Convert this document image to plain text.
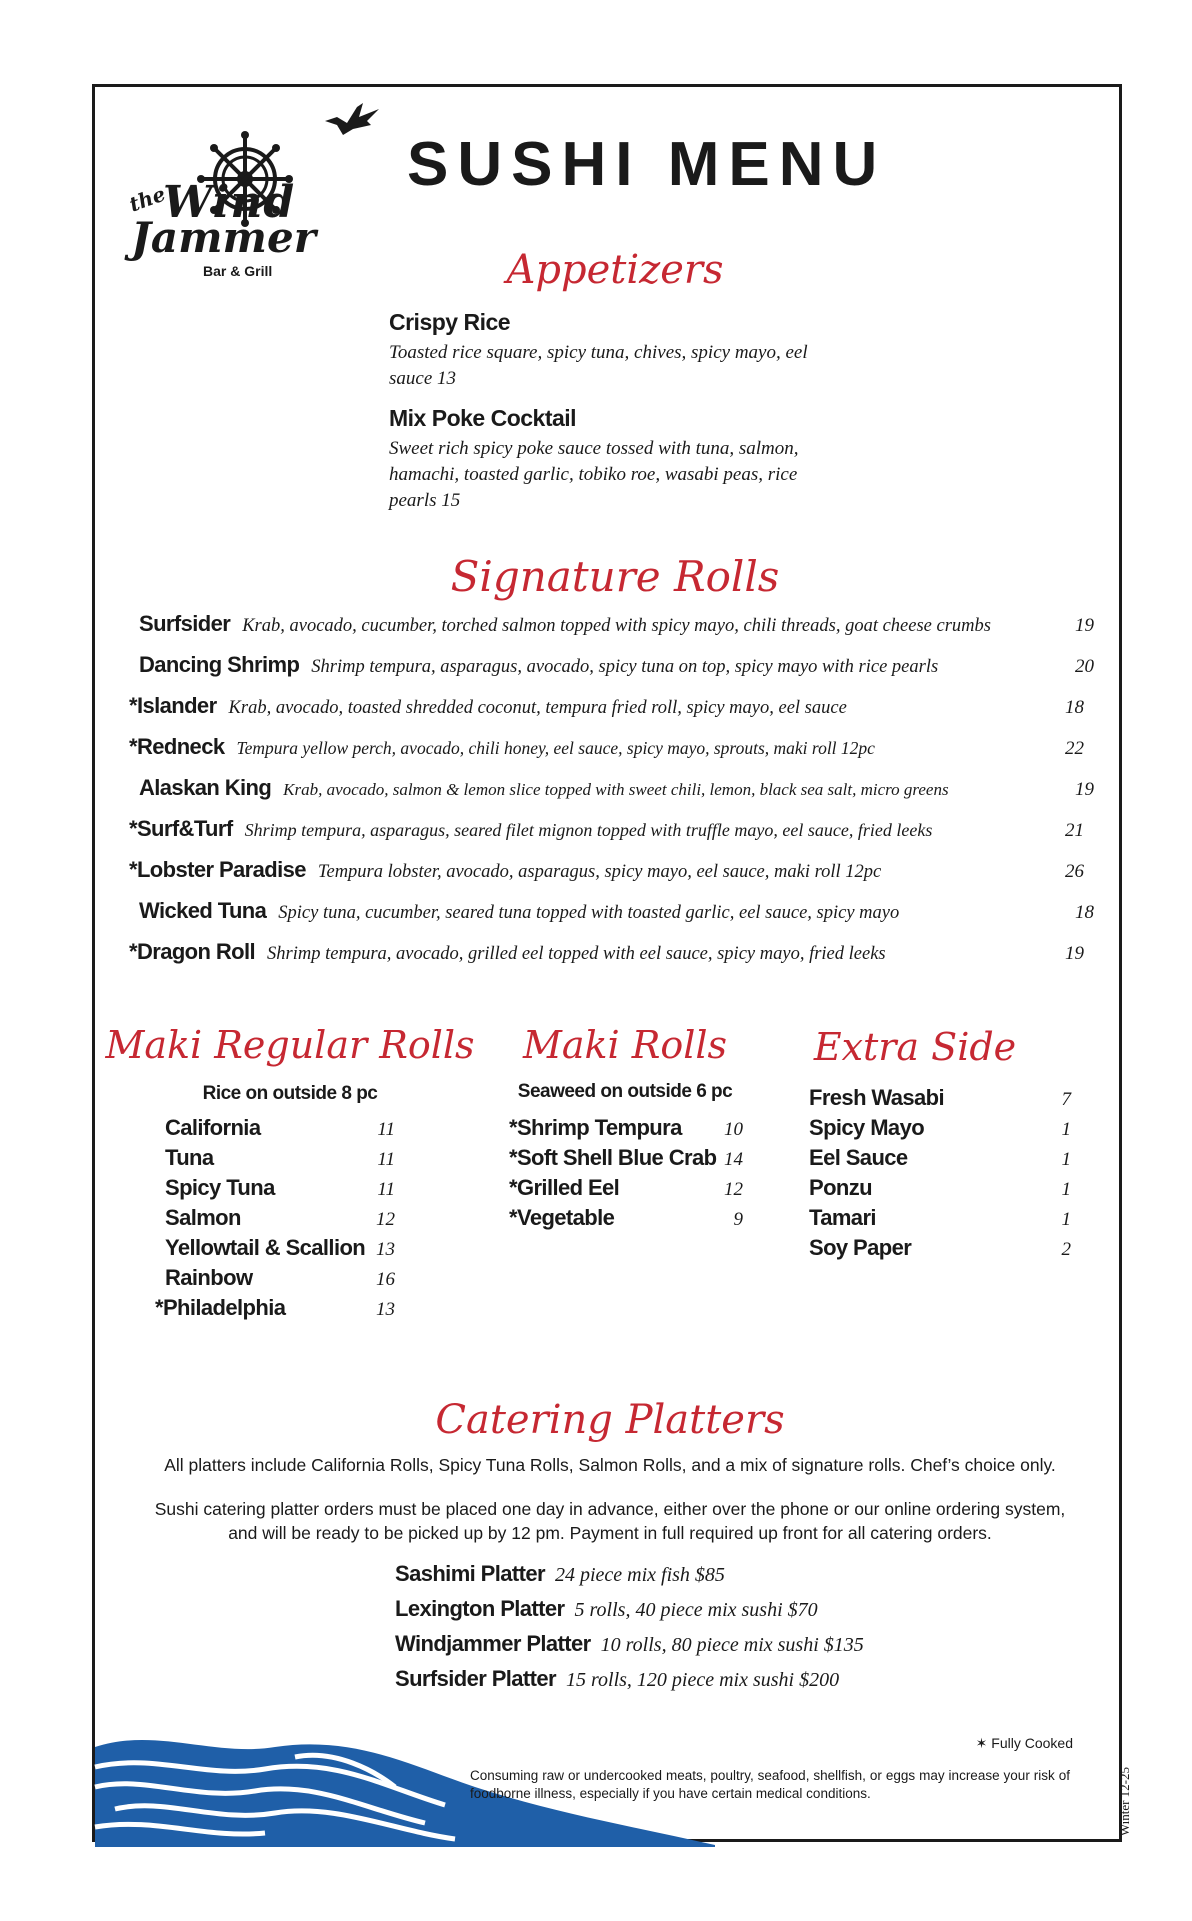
the
Wind
Jammer
Bar & Grill
SUSHI MENU
Appetizers
Crispy Rice
Toasted rice square, spicy tuna, chives, spicy mayo, eel sauce 13
Mix Poke Cocktail
Sweet rich spicy poke sauce tossed with tuna, salmon, hamachi, toasted garlic, tobiko roe, wasabi peas, rice pearls 15
Signature Rolls
Surfsider Krab, avocado, cucumber, torched salmon topped with spicy mayo, chili threads, goat cheese crumbs	19
Dancing Shrimp Shrimp tempura, asparagus, avocado, spicy tuna on top, spicy mayo with rice pearls	20
*Islander Krab, avocado, toasted shredded coconut, tempura fried roll, spicy mayo, eel sauce	18
*Redneck Tempura yellow perch, avocado, chili honey, eel sauce, spicy mayo, sprouts, maki roll 12pc	22
Alaskan King Krab, avocado, salmon & lemon slice topped with sweet chili, lemon, black sea salt, micro greens	19
*Surf&Turf Shrimp tempura, asparagus, seared filet mignon topped with truffle mayo, eel sauce, fried leeks	21
*Lobster Paradise Tempura lobster, avocado, asparagus, spicy mayo, eel sauce, maki roll 12pc	26
Wicked Tuna Spicy tuna, cucumber, seared tuna topped with toasted garlic, eel sauce, spicy mayo	18
*Dragon Roll Shrimp tempura, avocado, grilled eel topped with eel sauce, spicy mayo, fried leeks	19
Maki Regular Rolls
Rice on outside 8 pc
California	11
Tuna	11
Spicy Tuna	11
Salmon	12
Yellowtail & Scallion 13
Rainbow	16
*Philadelphia	13
Maki Rolls
Seaweed on outside 6 pc
*Shrimp Tempura	10
*Soft Shell Blue Crab 14
*Grilled Eel	12
*Vegetable	9
Extra Side
Fresh Wasabi	7
Spicy Mayo	1
Eel Sauce	1
Ponzu	1
Tamari	1
Soy Paper	2
Catering Platters
All platters include California Rolls, Spicy Tuna Rolls, Salmon Rolls, and a mix of signature rolls. Chef’s choice only.
Sushi catering platter orders must be placed one day in advance, either over the phone or our online ordering system,
and will be ready to be picked up by 12 pm. Payment in full required up front for all catering orders.
Sashimi Platter 24 piece mix fish $85
Lexington Platter 5 rolls, 40 piece mix sushi $70
Windjammer Platter 10 rolls, 80 piece mix sushi $135
Surfsider Platter 15 rolls, 120 piece mix sushi $200
✶ Fully Cooked
Consuming raw or undercooked meats, poultry, seafood, shellfish, or eggs may increase your risk of foodborne illness, especially if you have certain medical conditions.	Winter 12-25
